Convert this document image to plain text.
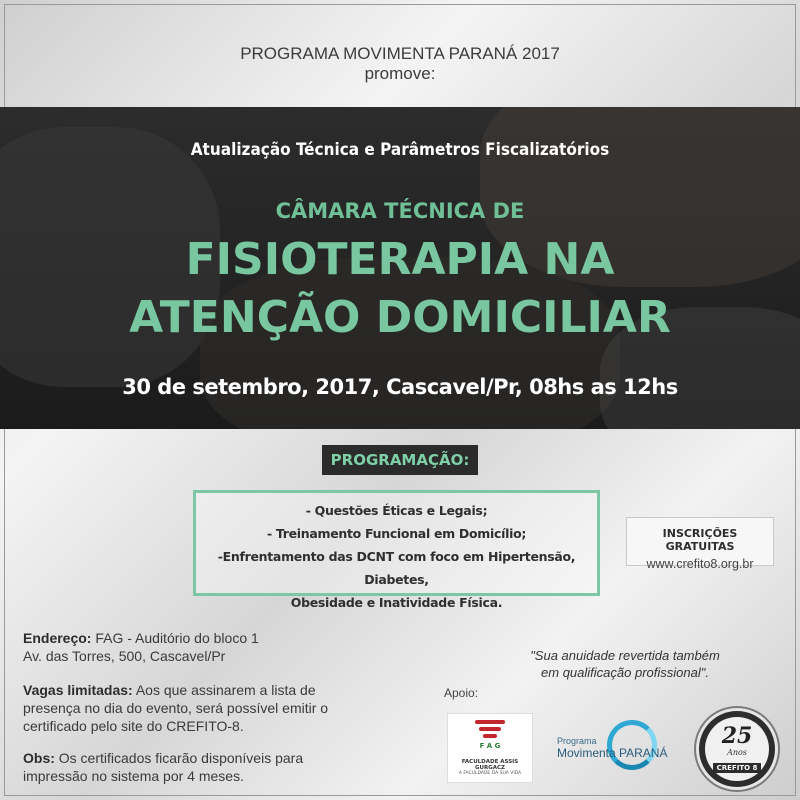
PROGRAMA MOVIMENTA PARANÁ 2017
promove:
Atualização Técnica e Parâmetros Fiscalizatórios
CÂMARA TÉCNICA DE
FISIOTERAPIA NA
ATENÇÃO DOMICILIAR
30 de setembro, 2017, Cascavel/Pr, 08hs as 12hs
PROGRAMAÇÃO:
- Questões Éticas e Legais;
- Treinamento Funcional em Domicílio;
-Enfrentamento das DCNT com foco em Hipertensão, Diabetes,
Obesidade e Inatividade Física.
INSCRIÇÕES GRATUITAS
www.crefito8.org.br
Endereço: FAG - Auditório do bloco 1
Av. das Torres, 500, Cascavel/Pr
Vagas limitadas: Aos que assinarem a lista de presença no dia do evento, será possível emitir o certificado pelo site do CREFITO-8.
Obs: Os certificados ficarão disponíveis para impressão no sistema por 4 meses.
"Sua anuidade revertida também
em qualificação profissional".
Apoio:
F A G
FACULDADE ASSIS GURGACZ
A FACULDADE DA SUA VIDA
Programa
Movimenta PARANÁ
25
Anos
CREFITO 8
